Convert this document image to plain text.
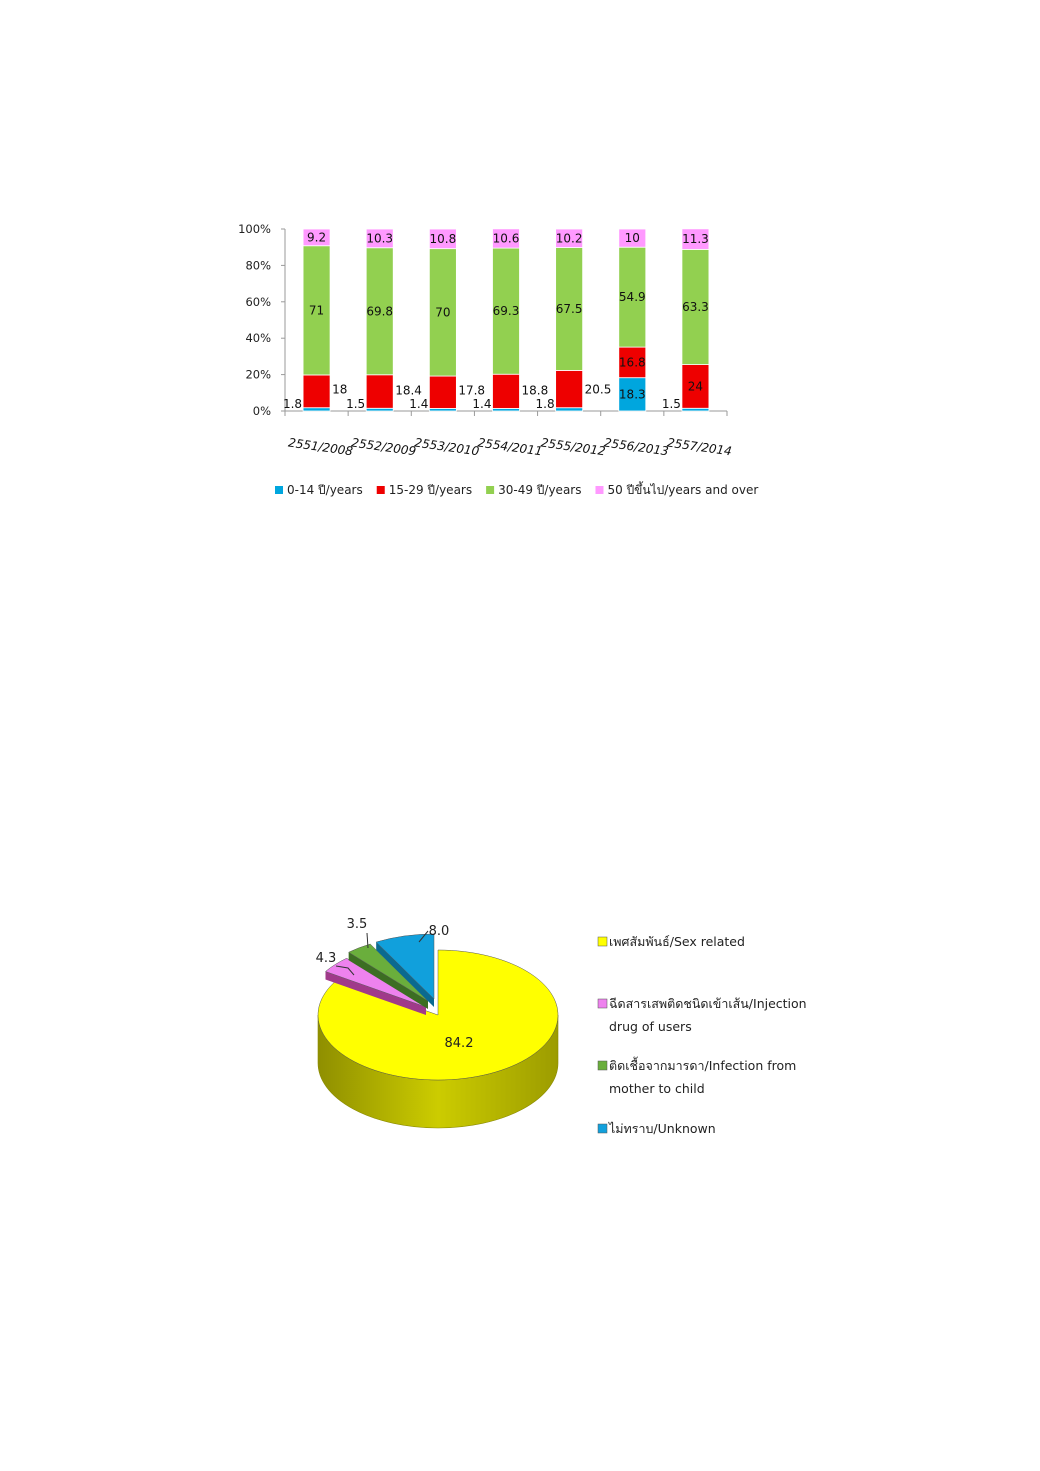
0%
20%
40%
60%
80%
100%
1.8
18
71
9.2
2551/2008
1.5
18.4
69.8
10.3
2552/2009
1.4
17.8
70
10.8
2553/2010
1.4
18.8
69.3
10.6
2554/2011
1.8
20.5
67.5
10.2
2555/2012
18.3
16.8
54.9
10
2556/2013
1.5
24
63.3
11.3
2557/2014
0-14 ปี/years 15-29 ปี/years 30-49 ปี/years 50 ปีขึ้นไป/years and over
84.2
4.3
3.5	8.0
เพศสัมพันธ์/Sex related
ฉีดสารเสพติดชนิดเข้าเส้น/Injection
drug of users
ติดเชื้อจากมารดา/Infection from
mother to child
ไม่ทราบ/Unknown
